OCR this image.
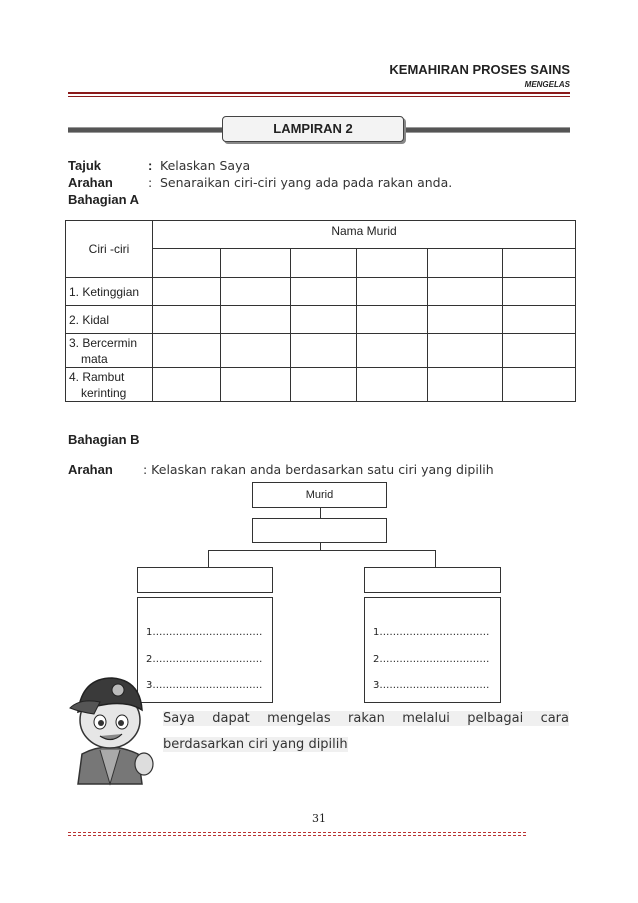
KEMAHIRAN PROSES SAINS
MENGELAS
LAMPIRAN 2
Tajuk	: Kelaskan Saya
Arahan	: Senaraikan ciri-ciri yang ada pada rakan anda.
Bahagian A
Ciri -ciri	Nama Murid					

1. Ketinggian						

2. Kidal						

3. Bercermin
mata						

4. Rambut
kerinting						

Bahagian B
Arahan : Kelaskan rakan anda berdasarkan satu ciri yang dipilih
Murid
1……………………………
2……………………………
3……………………………
1……………………………
2……………………………
3……………………………
Saya dapat mengelas rakan melalui pelbagai cara
berdasarkan ciri yang dipilih
31
